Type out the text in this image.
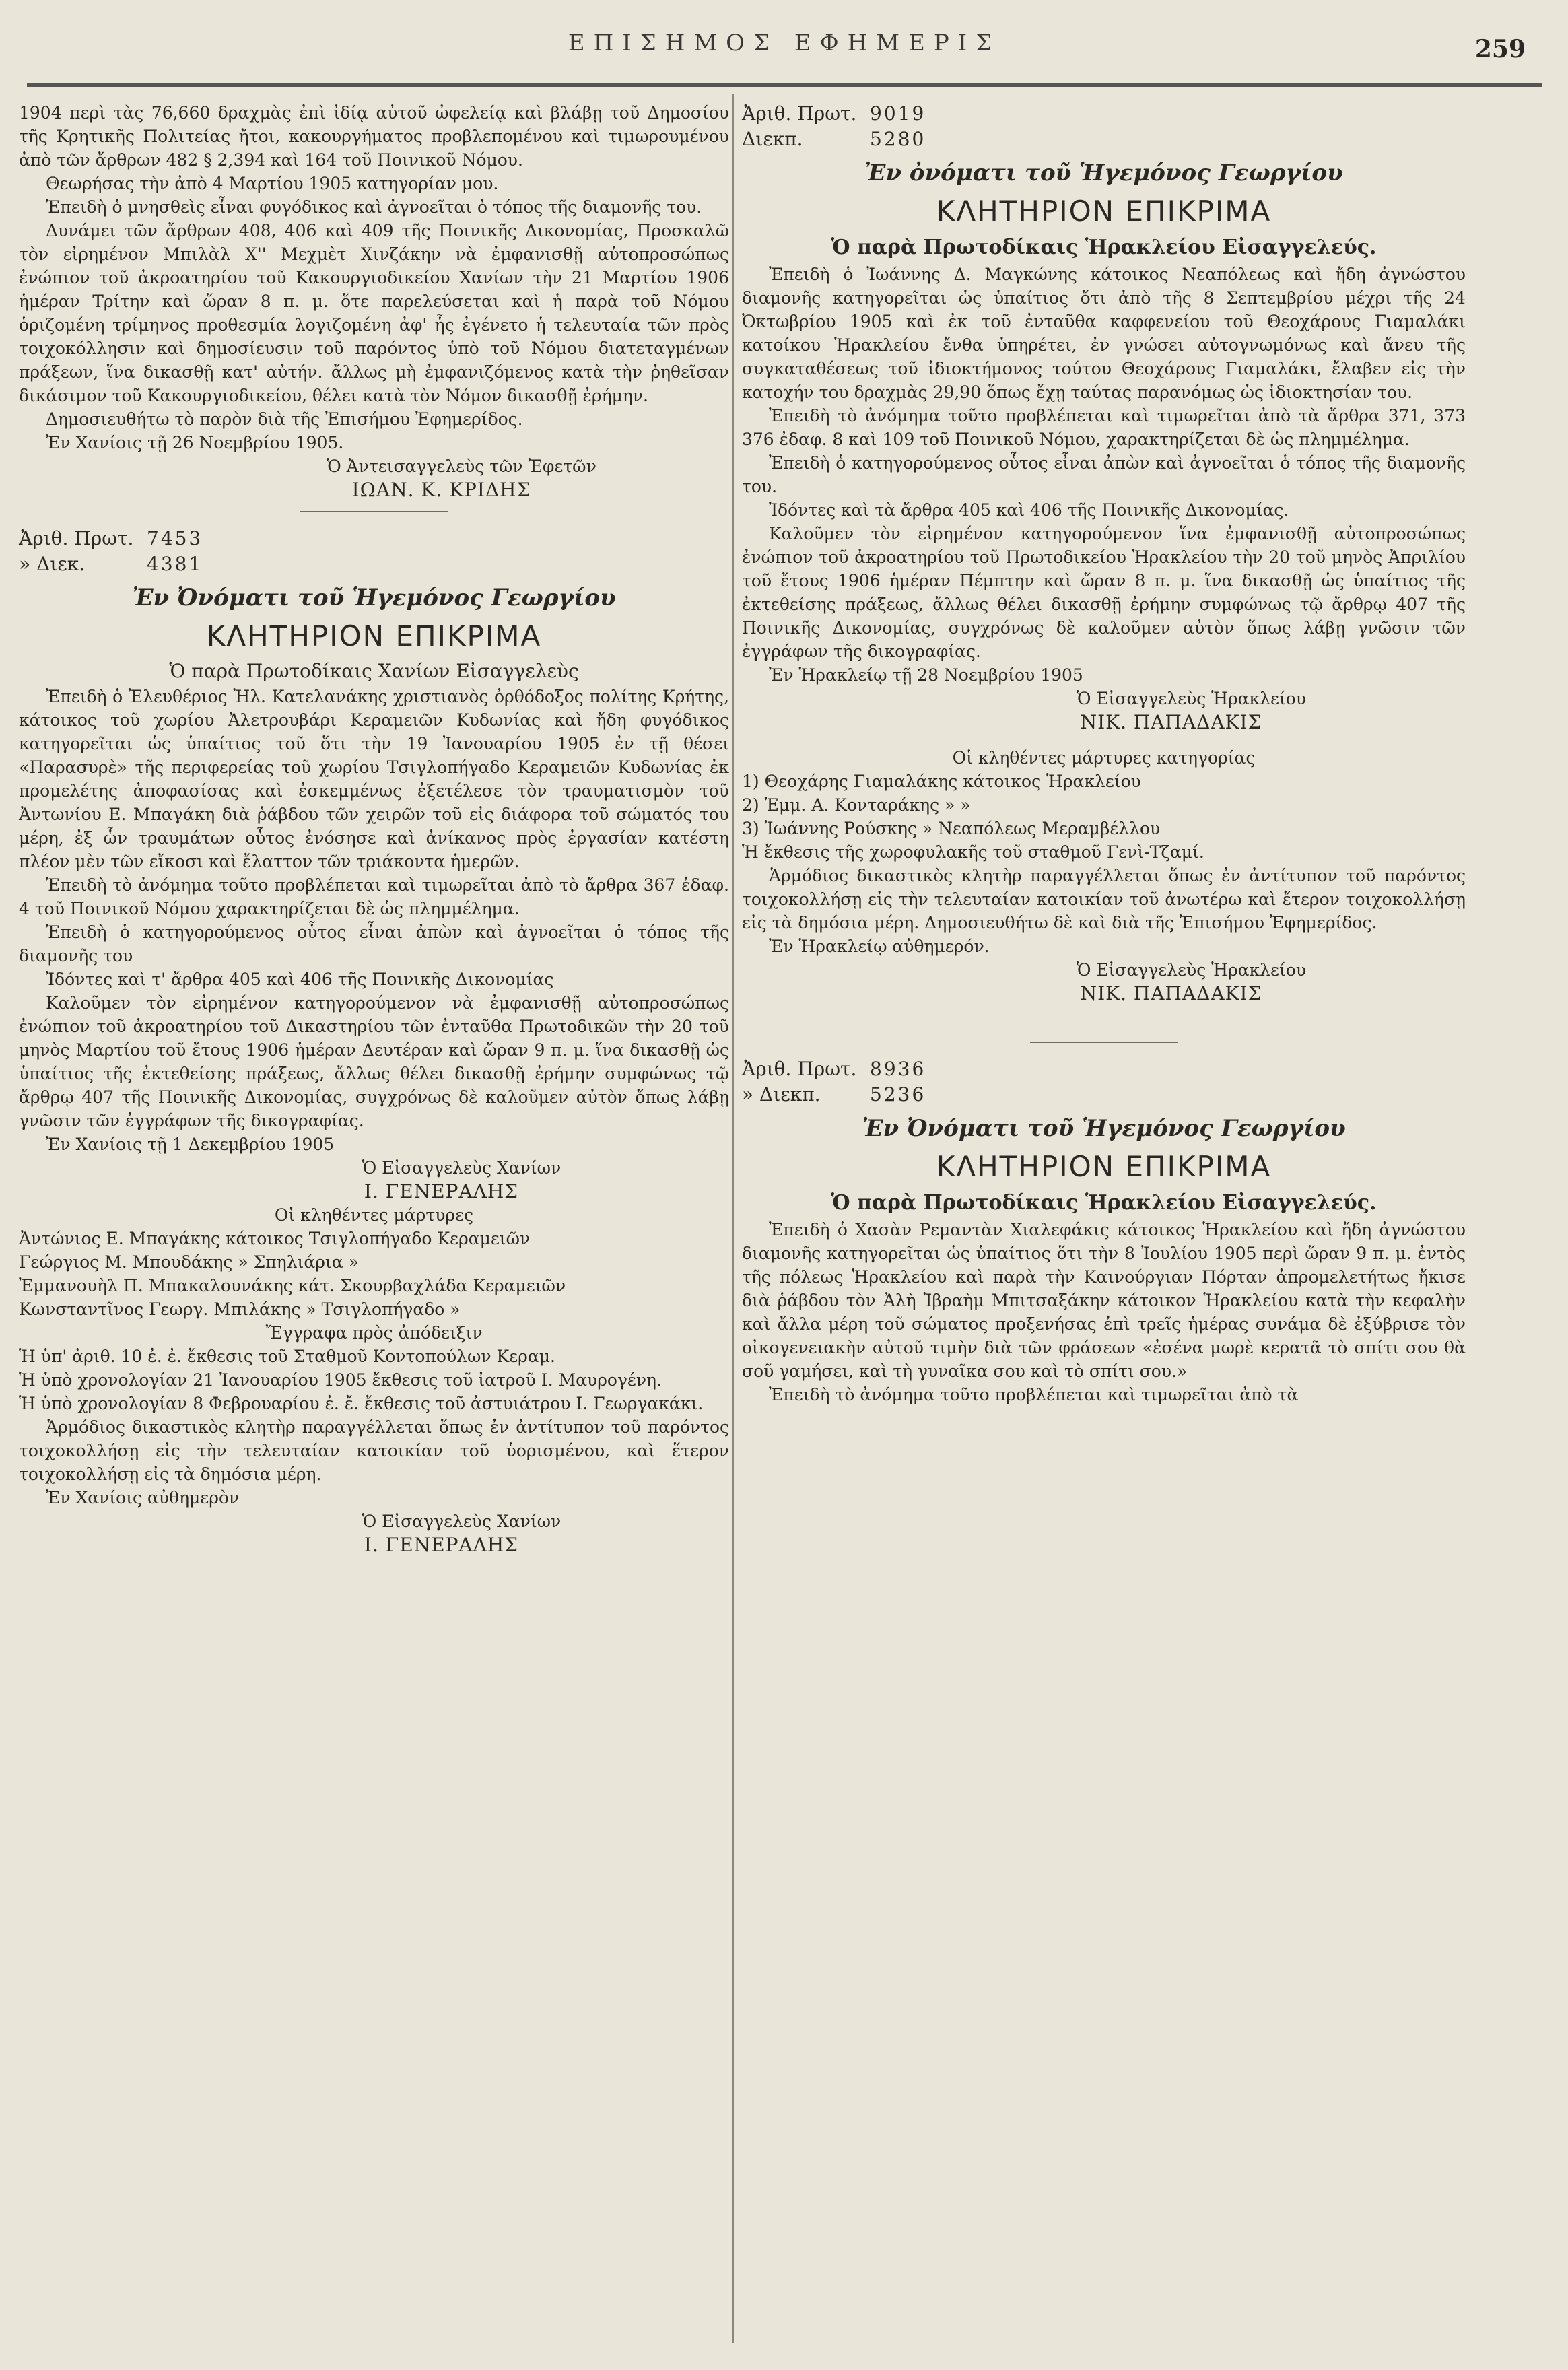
ΕΠΙΣΗΜΟΣ ΕΦΗΜΕΡΙΣ	259

1904 περὶ τὰς 76,660 δραχμὰς ἐπὶ ἰδίᾳ αὐτοῦ ὠφελείᾳ καὶ βλάβῃ τοῦ Δημοσίου τῆς Κρητικῆς Πολιτείας ἤτοι, κακουργήματος προβλεπομένου καὶ τιμωρουμένου ἀπὸ τῶν ἄρθρων 482 § 2,394 καὶ 164 τοῦ Ποινικοῦ Νόμου.

Θεωρήσας τὴν ἀπὸ 4 Μαρτίου 1905 κατηγορίαν μου.

Ἐπειδὴ ὁ μνησθεὶς εἶναι φυγόδικος καὶ ἀγνοεῖται ὁ τόπος τῆς διαμονῆς του.

Δυνάμει τῶν ἄρθρων 408, 406 καὶ 409 τῆς Ποινικῆς Δικονομίας, Προσκαλῶ τὸν εἰρημένον Μπιλὰλ Χ'' Μεχμὲτ Χινζάκην νὰ ἐμφανισθῇ αὐτοπροσώπως ἐνώπιον τοῦ ἀκροατηρίου τοῦ Κακουργιοδικείου Χανίων τὴν 21 Μαρτίου 1906 ἡμέραν Τρίτην καὶ ὥραν 8 π. μ. ὅτε παρελεύσεται καὶ ἡ παρὰ τοῦ Νόμου ὁριζομένη τρίμηνος προθεσμία λογιζομένη ἀφ' ἧς ἐγένετο ἡ τελευταία τῶν πρὸς τοιχοκόλλησιν καὶ δημοσίευσιν τοῦ παρόντος ὑπὸ τοῦ Νόμου διατεταγμένων πράξεων, ἵνα δικασθῇ κατ' αὐτήν. ἄλλως μὴ ἐμφανιζόμενος κατὰ τὴν ῥηθεῖσαν δικάσιμον τοῦ Κακουργιοδικείου, θέλει κατὰ τὸν Νόμον δικασθῇ ἐρήμην.

Δημοσιευθήτω τὸ παρὸν διὰ τῆς Ἐπισήμου Ἐφημερίδος.

Ἐν Χανίοις τῇ 26 Νοεμβρίου 1905.

Ὁ Ἀντεισαγγελεὺς τῶν Ἐφετῶν

ΙΩΑΝ. Κ. ΚΡΙΔΗΣ

Ἀριθ. Πρωτ. 7453
» Διεκ.	4381

Ἐν Ὀνόματι τοῦ Ἡγεμόνος Γεωργίου

ΚΛΗΤΗΡΙΟΝ ΕΠΙΚΡΙΜΑ

Ὁ παρὰ Πρωτοδίκαις Χανίων Εἰσαγγελεὺς

Ἐπειδὴ ὁ Ἐλευθέριος Ἠλ. Κατελανάκης χριστιανὸς ὀρθόδοξος πολίτης Κρήτης, κάτοικος τοῦ χωρίου Ἀλετρουβάρι Κεραμειῶν Κυδωνίας καὶ ἤδη φυγόδικος κατηγορεῖται ὡς ὑπαίτιος τοῦ ὅτι τὴν 19 Ἰανουαρίου 1905 ἐν τῇ θέσει «Παρασυρὲ» τῆς περιφερείας τοῦ χωρίου Τσιγλοπήγαδο Κεραμειῶν Κυδωνίας ἐκ προμελέτης ἀποφασίσας καὶ ἐσκεμμένως ἐξετέλεσε τὸν τραυματισμὸν τοῦ Ἀντωνίου Ε. Μπαγάκη διὰ ῥάβδου τῶν χειρῶν τοῦ εἰς διάφορα τοῦ σώματός του μέρη, ἐξ ὧν τραυμάτων οὗτος ἐνόσησε καὶ ἀνίκανος πρὸς ἐργασίαν κατέστη πλέον μὲν τῶν εἴκοσι καὶ ἔλαττον τῶν τριάκοντα ἡμερῶν.

Ἐπειδὴ τὸ ἀνόμημα τοῦτο προβλέπεται καὶ τιμωρεῖται ἀπὸ τὸ ἄρθρα 367 ἐδαφ. 4 τοῦ Ποινικοῦ Νόμου χαρακτηρίζεται δὲ ὡς πλημμέλημα.

Ἐπειδὴ ὁ κατηγορούμενος οὗτος εἶναι ἀπὼν καὶ ἀγνοεῖται ὁ τόπος τῆς διαμονῆς του

Ἰδόντες καὶ τ' ἄρθρα 405 καὶ 406 τῆς Ποινικῆς Δικονομίας

Καλοῦμεν τὸν εἰρημένον κατηγορούμενον νὰ ἐμφανισθῇ αὐτοπροσώπως ἐνώπιον τοῦ ἀκροατηρίου τοῦ Δικαστηρίου τῶν ἐνταῦθα Πρωτοδικῶν τὴν 20 τοῦ μηνὸς Μαρτίου τοῦ ἔτους 1906 ἡμέραν Δευτέραν καὶ ὥραν 9 π. μ. ἵνα δικασθῇ ὡς ὑπαίτιος τῆς ἐκτεθείσης πράξεως, ἄλλως θέλει δικασθῇ ἐρήμην συμφώνως τῷ ἄρθρῳ 407 τῆς Ποινικῆς Δικονομίας, συγχρόνως δὲ καλοῦμεν αὐτὸν ὅπως λάβῃ γνῶσιν τῶν ἐγγράφων τῆς δικογραφίας.

Ἐν Χανίοις τῇ 1 Δεκεμβρίου 1905

Ὁ Εἰσαγγελεὺς Χανίων

Ι. ΓΕΝΕΡΑΛΗΣ

Οἱ κληθέντες μάρτυρες

Ἀντώνιος Ε. Μπαγάκης κάτοικος Τσιγλοπήγαδο Κεραμειῶν

Γεώργιος Μ. Μπουδάκης » Σπηλιάρια »

Ἐμμανουὴλ Π. Μπακαλουνάκης κάτ. Σκουρβαχλάδα Κεραμειῶν

Κωνσταντῖνος Γεωργ. Μπιλάκης » Τσιγλοπήγαδο »

Ἔγγραφα πρὸς ἀπόδειξιν

Ἡ ὑπ' ἀριθ. 10 ἐ. ἐ. ἔκθεσις τοῦ Σταθμοῦ Κοντοπούλων Κεραμ.

Ἡ ὑπὸ χρονολογίαν 21 Ἰανουαρίου 1905 ἔκθεσις τοῦ ἰατροῦ Ι. Μαυρογένη.

Ἡ ὑπὸ χρονολογίαν 8 Φεβρουαρίου ἐ. ἔ. ἔκθεσις τοῦ ἀστυιάτρου Ι. Γεωργακάκι.

Ἁρμόδιος δικαστικὸς κλητὴρ παραγγέλλεται ὅπως ἐν ἀντίτυπον τοῦ παρόντος τοιχοκολλήσῃ εἰς τὴν τελευταίαν κατοικίαν τοῦ ὑορισμένου, καὶ ἕτερον τοιχοκολλήσῃ εἰς τὰ δημόσια μέρη.

Ἐν Χανίοις αὐθημερὸν

Ὁ Εἰσαγγελεὺς Χανίων

Ι. ΓΕΝΕΡΑΛΗΣ

Ἀριθ. Πρωτ. 9019
Διεκπ.	5280

Ἐν ὀνόματι τοῦ Ἡγεμόνος Γεωργίου

ΚΛΗΤΗΡΙΟΝ ΕΠΙΚΡΙΜΑ

Ὁ παρὰ Πρωτοδίκαις Ἡρακλείου Εἰσαγγελεύς.

Ἐπειδὴ ὁ Ἰωάννης Δ. Μαγκώνης κάτοικος Νεαπόλεως καὶ ἤδη ἀγνώστου διαμονῆς κατηγορεῖται ὡς ὑπαίτιος ὅτι ἀπὸ τῆς 8 Σεπτεμβρίου μέχρι τῆς 24 Ὀκτωβρίου 1905 καὶ ἐκ τοῦ ἐνταῦθα καφφενείου τοῦ Θεοχάρους Γιαμαλάκι κατοίκου Ἡρακλείου ἔνθα ὑπηρέτει, ἐν γνώσει αὐτογνωμόνως καὶ ἄνευ τῆς συγκαταθέσεως τοῦ ἰδιοκτήμονος τούτου Θεοχάρους Γιαμαλάκι, ἔλαβεν εἰς τὴν κατοχήν του δραχμὰς 29,90 ὅπως ἔχῃ ταύτας παρανόμως ὡς ἰδιοκτησίαν του.

Ἐπειδὴ τὸ ἀνόμημα τοῦτο προβλέπεται καὶ τιμωρεῖται ἀπὸ τὰ ἄρθρα 371, 373 376 ἐδαφ. 8 καὶ 109 τοῦ Ποινικοῦ Νόμου, χαρακτηρίζεται δὲ ὡς πλημμέλημα.

Ἐπειδὴ ὁ κατηγορούμενος οὗτος εἶναι ἀπὼν καὶ ἀγνοεῖται ὁ τόπος τῆς διαμονῆς του.

Ἰδόντες καὶ τὰ ἄρθρα 405 καὶ 406 τῆς Ποινικῆς Δικονομίας.

Καλοῦμεν τὸν εἰρημένον κατηγορούμενον ἵνα ἐμφανισθῇ αὐτοπροσώπως ἐνώπιον τοῦ ἀκροατηρίου τοῦ Πρωτοδικείου Ἡρακλείου τὴν 20 τοῦ μηνὸς Ἀπριλίου τοῦ ἔτους 1906 ἡμέραν Πέμπτην καὶ ὥραν 8 π. μ. ἵνα δικασθῇ ὡς ὑπαίτιος τῆς ἐκτεθείσης πράξεως, ἄλλως θέλει δικασθῇ ἐρήμην συμφώνως τῷ ἄρθρῳ 407 τῆς Ποινικῆς Δικονομίας, συγχρόνως δὲ καλοῦμεν αὐτὸν ὅπως λάβῃ γνῶσιν τῶν ἐγγράφων τῆς δικογραφίας.

Ἐν Ἡρακλείῳ τῇ 28 Νοεμβρίου 1905

Ὁ Εἰσαγγελεὺς Ἡρακλείου

ΝΙΚ. ΠΑΠΑΔΑΚΙΣ

Οἱ κληθέντες μάρτυρες κατηγορίας

1) Θεοχάρης Γιαμαλάκης κάτοικος Ἡρακλείου

2) Ἐμμ. Α. Κονταράκης » »

3) Ἰωάννης Ρούσκης » Νεαπόλεως Μεραμβέλλου

Ἡ ἔκθεσις τῆς χωροφυλακῆς τοῦ σταθμοῦ Γενὶ-Τζαμί.

Ἁρμόδιος δικαστικὸς κλητὴρ παραγγέλλεται ὅπως ἐν ἀντίτυπον τοῦ παρόντος τοιχοκολλήσῃ εἰς τὴν τελευταίαν κατοικίαν τοῦ ἀνωτέρω καὶ ἕτερον τοιχοκολλήσῃ εἰς τὰ δημόσια μέρη. Δημοσιευθήτω δὲ καὶ διὰ τῆς Ἐπισήμου Ἐφημερίδος.

Ἐν Ἡρακλείῳ αὐθημερόν.

Ὁ Εἰσαγγελεὺς Ἡρακλείου

ΝΙΚ. ΠΑΠΑΔΑΚΙΣ

Ἀριθ. Πρωτ. 8936
» Διεκπ.	5236

Ἐν Ὀνόματι τοῦ Ἡγεμόνος Γεωργίου

ΚΛΗΤΗΡΙΟΝ ΕΠΙΚΡΙΜΑ

Ὁ παρὰ Πρωτοδίκαις Ἡρακλείου Εἰσαγγελεύς.

Ἐπειδὴ ὁ Χασὰν Ρεμαντὰν Χιαλεφάκις κάτοικος Ἡρακλείου καὶ ἤδη ἀγνώστου διαμονῆς κατηγορεῖται ὡς ὑπαίτιος ὅτι τὴν 8 Ἰουλίου 1905 περὶ ὥραν 9 π. μ. ἐντὸς τῆς πόλεως Ἡρακλείου καὶ παρὰ τὴν Καινούργιαν Πόρταν ἀπρομελετήτως ἤκισε διὰ ῥάβδου τὸν Ἀλὴ Ἰβραὴμ Μπιτσαξάκην κάτοικον Ἡρακλείου κατὰ τὴν κεφαλὴν καὶ ἄλλα μέρη τοῦ σώματος προξενήσας ἐπὶ τρεῖς ἡμέρας συνάμα δὲ ἐξύβρισε τὸν οἰκογενειακὴν αὐτοῦ τιμὴν διὰ τῶν φράσεων «ἐσένα μωρὲ κερατᾶ τὸ σπίτι σου θὰ σοῦ γαμήσει, καὶ τὴ γυναῖκα σου καὶ τὸ σπίτι σου.»

Ἐπειδὴ τὸ ἀνόμημα τοῦτο προβλέπεται καὶ τιμωρεῖται ἀπὸ τὰ
